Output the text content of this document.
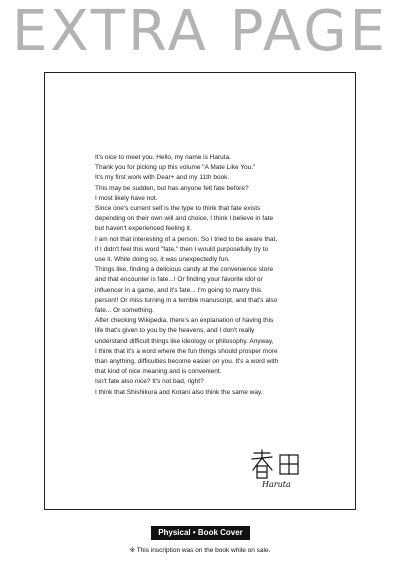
EXTRA PAGE

It's nice to meet you. Hello, my name is Haruta.

Thank you for picking up this volume "A Mate Like You."

It's my first work with Dear+ and my 11th book.

This may be sudden, but has anyone felt fate before?

I most likely have not.

Since one's current self is the type to think that fate exists

depending on their own will and choice, I think I believe in fate

but haven't experienced feeling it.

I am not that interesting of a person. So I tried to be aware that,

if I didn't feel this word "fate," then I would purposefully try to

use it. While doing so, it was unexpectedly fun.

Things like, finding a delicious candy at the convenience store

and that encounter is fate...! Or finding your favorite idol or

influencer in a game, and it's fate... I'm going to marry this

person!! Or miss turning in a terrible manuscript, and that's also

fate... Or something.

After checking Wikipedia, there's an explanation of having this

life that's given to you by the heavens, and I don't really

understand difficult things like ideology or philosophy. Anyway,

I think that it's a word where the fun things should prosper more

than anything, difficulties become easier on you. It's a word with

that kind of nice meaning and is convenient.

Isn't fate also nice? It's not bad, right?

I think that Shishikura and Kotani also think the same way.

Haruta
Physical • Book Cover
※ This inscription was on the book while on sale.
